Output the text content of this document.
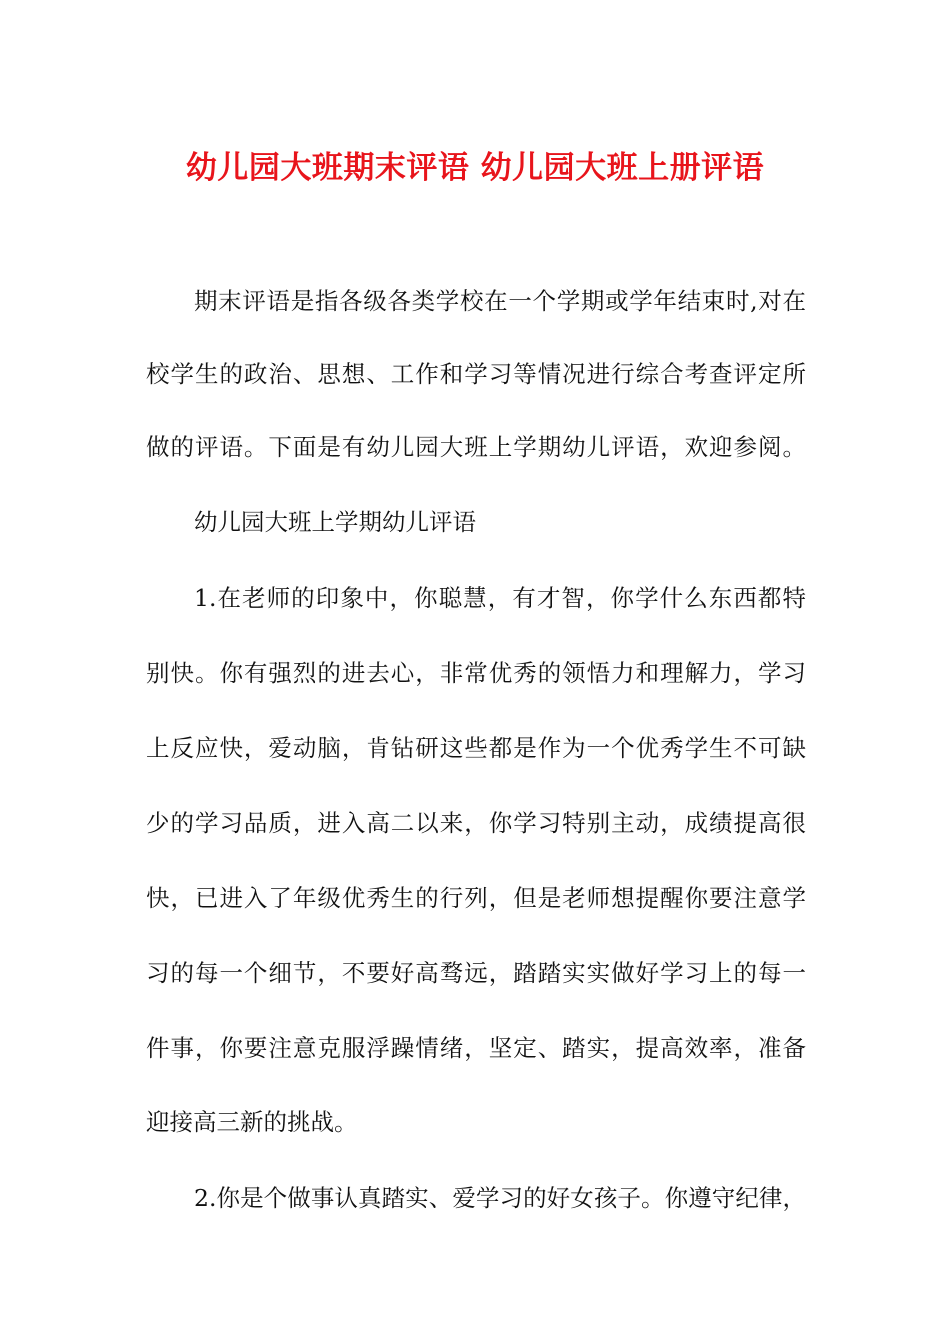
幼儿园大班期末评语 幼儿园大班上册评语
期末评语是指各级各类学校在一个学期或学年结束时,对在
校学生的政治、思想、工作和学习等情况进行综合考查评定所
做的评语。下面是有幼儿园大班上学期幼儿评语，欢迎参阅。
幼儿园大班上学期幼儿评语
1.在老师的印象中，你聪慧，有才智，你学什么东西都特
别快。你有强烈的进去心，非常优秀的领悟力和理解力，学习
上反应快，爱动脑，肯钻研这些都是作为一个优秀学生不可缺
少的学习品质，进入高二以来，你学习特别主动，成绩提高很
快，已进入了年级优秀生的行列，但是老师想提醒你要注意学
习的每一个细节，不要好高骛远，踏踏实实做好学习上的每一
件事，你要注意克服浮躁情绪，坚定、踏实，提高效率，准备
迎接高三新的挑战。
2.你是个做事认真踏实、爱学习的好女孩子。你遵守纪律，
